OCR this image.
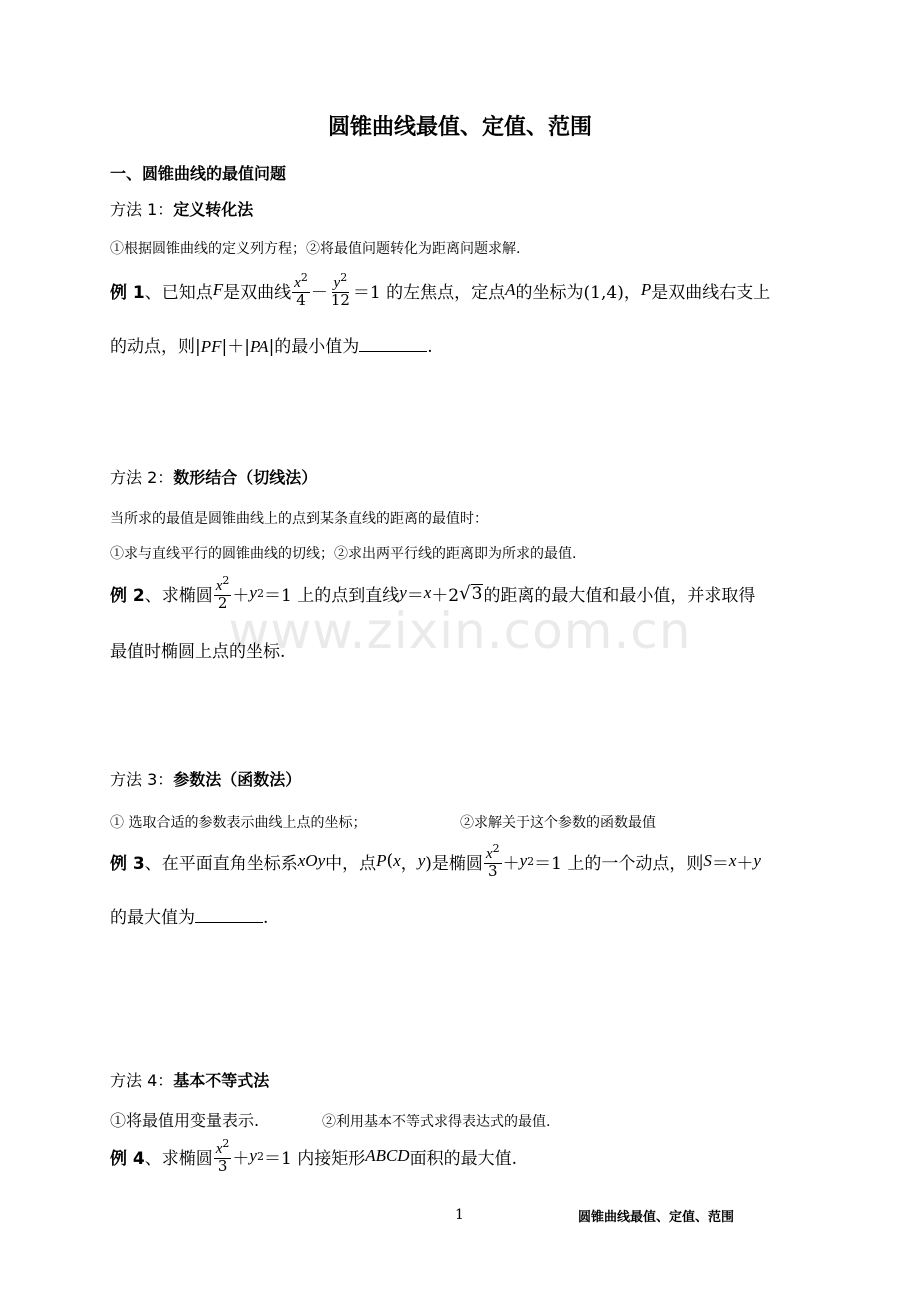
圆锥曲线最值、定值、范围
一、圆锥曲线的最值问题
方法 1：定义转化法
①根据圆锥曲线的定义列方程；②将最值问题转化为距离问题求解.
例 1 、已知点 F 是双曲线 $\frac{x^2}{4} - \frac{y^2}{12} =1$ 的左焦点，定点 A 的坐标为(1,4)， P 是双曲线右支上
的动点，则|PF|＋|PA|的最小值为	.
方法 2：数形结合（切线法）
当所求的最值是圆锥曲线上的点到某条直线的距离的最值时：
①求与直线平行的圆锥曲线的切线；②求出两平行线的距离即为所求的最值.
例 2 、求椭圆 $\frac{x^2}{2} + y$ 2 ＝1 上的点到直线 y ＝ x ＋2 √ 3 的距离的最大值和最小值，并求取得
最值时椭圆上点的坐标.
www.zixin.com.cn
方法 3：参数法（函数法）
① 选取合适的参数表示曲线上点的坐标；	②求解关于这个参数的函数最值
例 3 、在平面直角坐标系 xOy 中，点 P ( x ， y )是椭圆 $\frac{x^2}{3} + y$ 2 ＝1 上的一个动点，则 S ＝ x ＋ y
的最大值为	.
方法 4：基本不等式法
①将最值用变量表示.	②利用基本不等式求得表达式的最值.
例 4 、求椭圆 $\frac{x^2}{3} + y$ 2 ＝1 内接矩形 ABCD 面积的最大值.
1	圆锥曲线最值、定值、范围
